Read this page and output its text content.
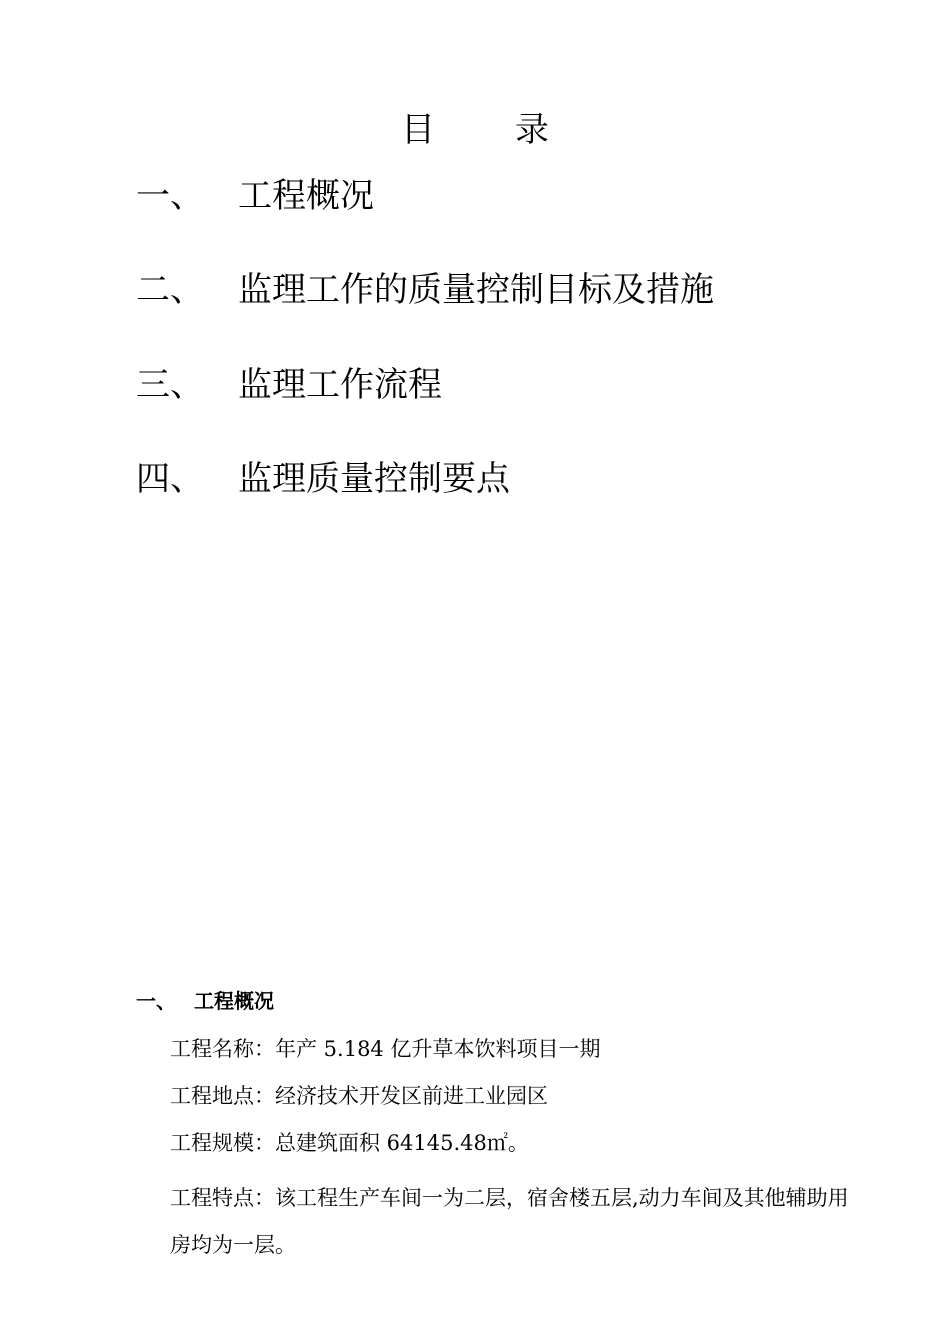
目 录
一、 工程概况
二、 监理工作的质量控制目标及措施
三、 监理工作流程
四、 监理质量控制要点
一、 工程概况
工程名称：年产 5.184 亿升草本饮料项目一期
工程地点：经济技术开发区前进工业园区
工程规模：总建筑面积 64145.48㎡。
工程特点：该工程生产车间一为二层，宿舍楼五层,动力车间及其他辅助用房均为一层。
